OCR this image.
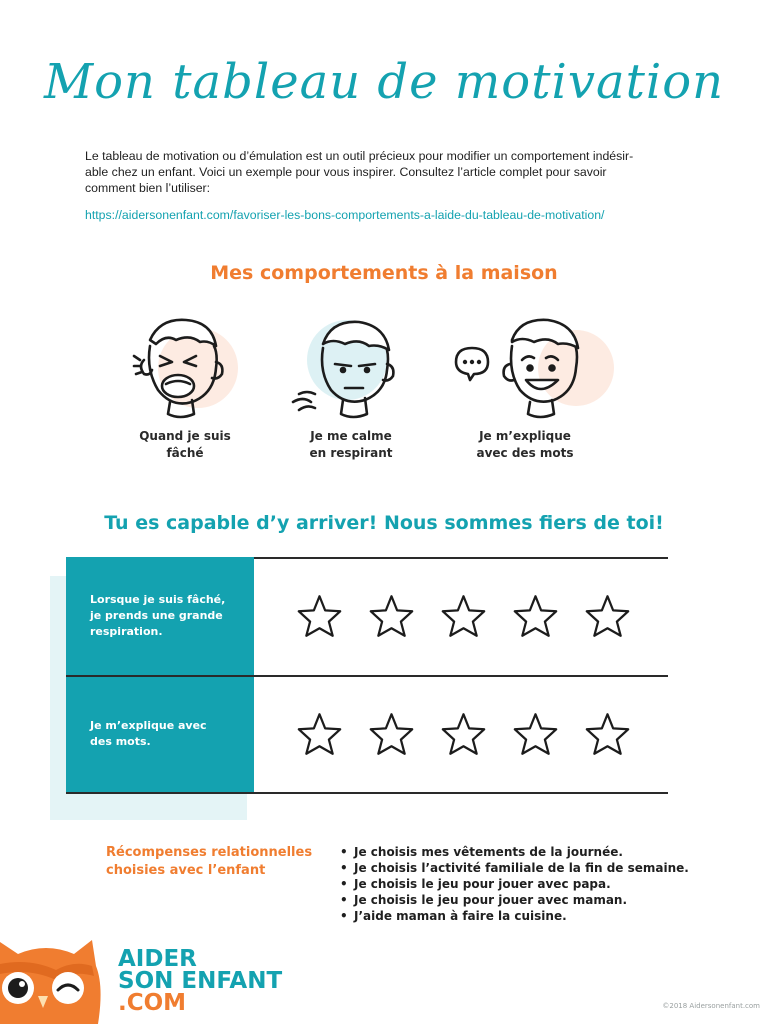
Mon tableau de motivation
Le tableau de motivation ou d’émulation est un outil précieux pour modifier un comportement indésir-
able chez un enfant. Voici un exemple pour vous inspirer. Consultez l’article complet pour savoir
comment bien l’utiliser:
https://aidersonenfant.com/favoriser-les-bons-comportements-a-laide-du-tableau-de-motivation/
Mes comportements à la maison
Quand je suis
fâché
Je me calme
en respirant
Je m’explique
avec des mots
Tu es capable d’y arriver! Nous sommes fiers de toi!
Lorsque je suis fâché,
je prends une grande
respiration.
Je m’explique avec
des mots.
Récompenses relationnelles
choisies avec l’enfant
• Je choisis mes vêtements de la journée.
• Je choisis l’activité familiale de la fin de semaine.
• Je choisis le jeu pour jouer avec papa.
• Je choisis le jeu pour jouer avec maman.
• J’aide maman à faire la cuisine.
AIDER
SON ENFANT
.COM	©2018 Aidersonenfant.com
